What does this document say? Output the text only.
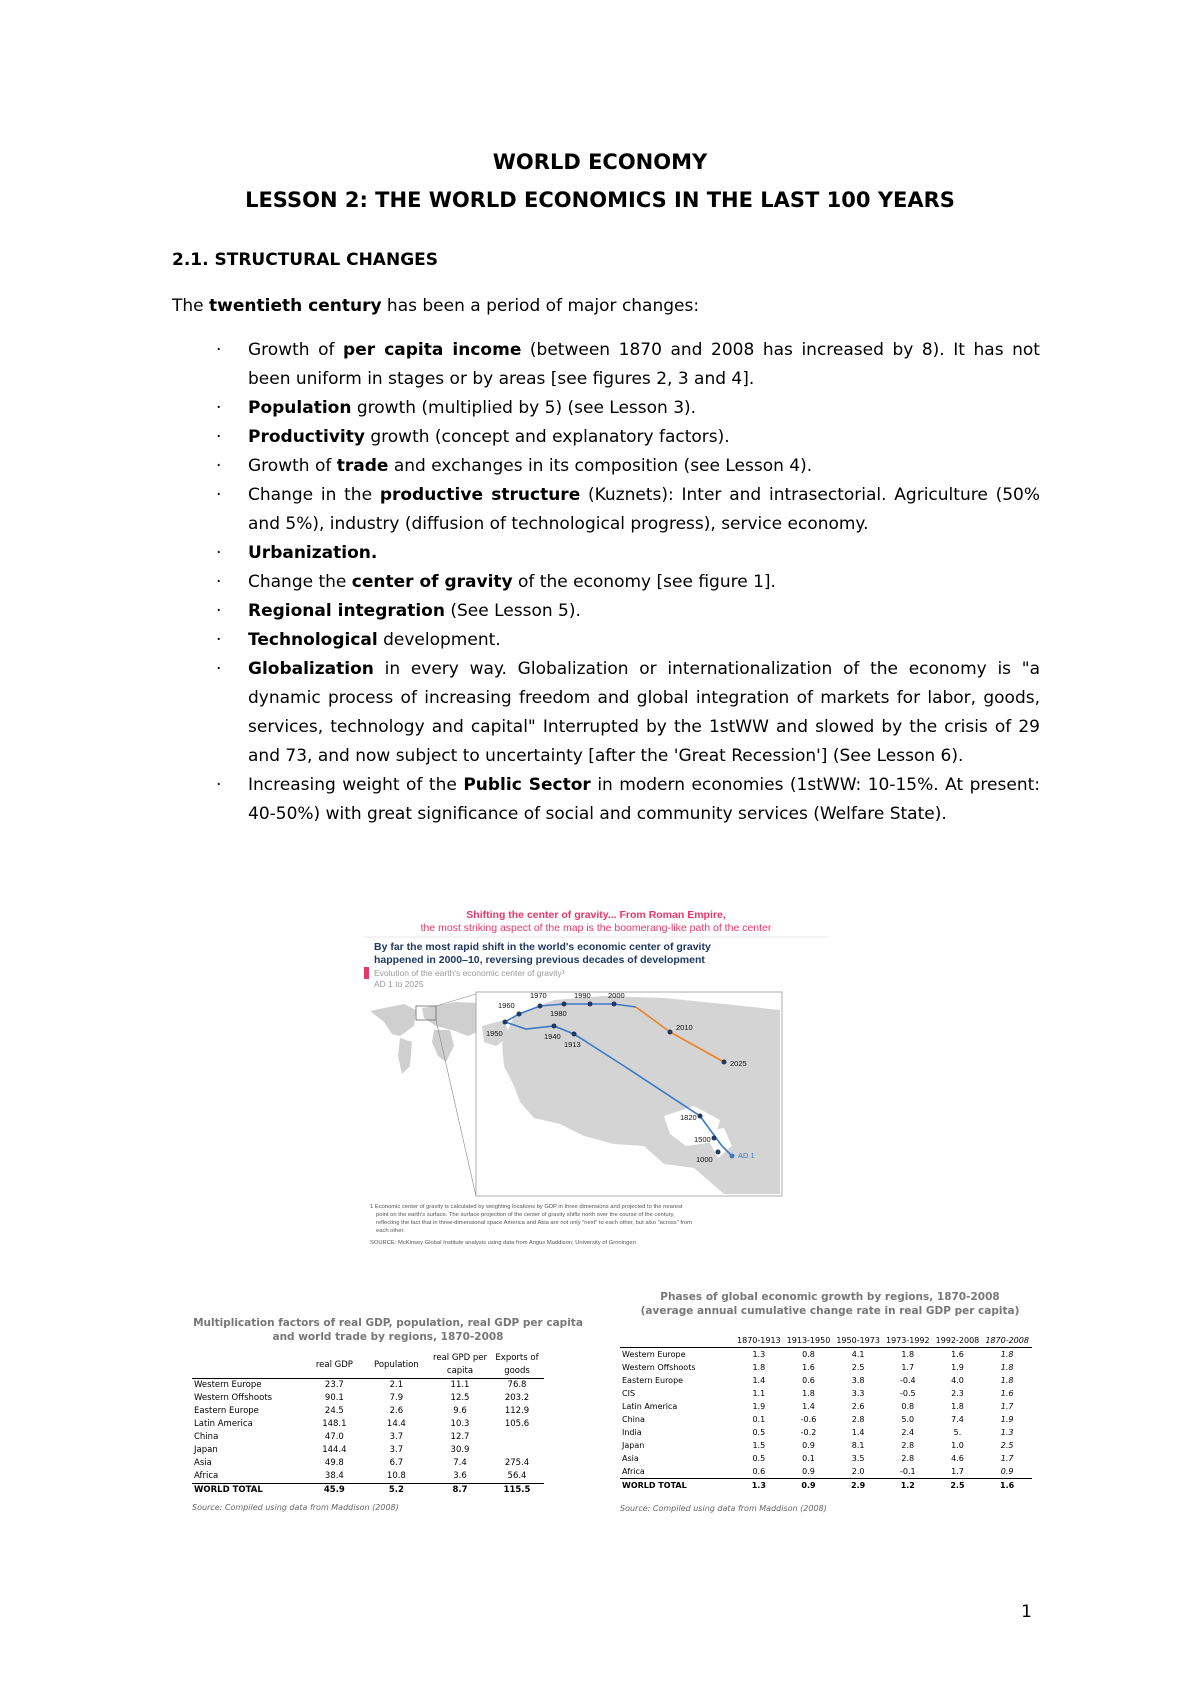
WORLD ECONOMY
LESSON 2: THE WORLD ECONOMICS IN THE LAST 100 YEARS
2.1. STRUCTURAL CHANGES
The twentieth century has been a period of major changes:
· Growth of per capita income (between 1870 and 2008 has increased by 8). It has not been uniform in stages or by areas [see figures 2, 3 and 4].
· Population growth (multiplied by 5) (see Lesson 3).
· Productivity growth (concept and explanatory factors).
· Growth of trade and exchanges in its composition (see Lesson 4).
· Change in the productive structure (Kuznets): Inter and intrasectorial. Agriculture (50% and 5%), industry (diffusion of technological progress), service economy.
· Urbanization.
· Change the center of gravity of the economy [see figure 1].
· Regional integration (See Lesson 5).
· Technological development.
· Globalization in every way. Globalization or internationalization of the economy is "a dynamic process of increasing freedom and global integration of markets for labor, goods, services, technology and capital" Interrupted by the 1stWW and slowed by the crisis of 29 and 73, and now subject to uncertainty [after the 'Great Recession'] (See Lesson 6).
· Increasing weight of the Public Sector in modern economies (1stWW: 10-15%. At present: 40-50%) with great significance of social and community services (Welfare State).
Shifting the center of gravity... From Roman Empire,
the most striking aspect of the map is the boomerang-like path of the center
By far the most rapid shift in the world's economic center of gravity
happened in 2000–10, reversing previous decades of development
Evolution of the earth's economic center of gravity¹
AD 1 to 2025
1970
1960
1980
1990 2000
1950	1940
1913
2010
2025
1820
1500
AD 1
1000
1 Economic center of gravity is calculated by weighting locations by GDP in three dimensions and projected to the nearest
point on the earth's surface. The surface projection of the center of gravity shifts north over the course of the century,
reflecting the fact that in three-dimensional space America and Asia are not only "next" to each other, but also "across" from
each other.
SOURCE: McKinsey Global Institute analysis using data from Angus Maddison; University of Groningen
Multiplication factors of real GDP, population, real GDP per capita
and world trade by regions, 1870-2008
	real GDP	Population	real GPD per capita	Exports of goods
Western Europe	23.7	2.1	11.1	76.8
Western Offshoots	90.1	7.9	12.5	203.2
Eastern Europe	24.5	2.6	9.6	112.9
Latin America	148.1	14.4	10.3	105.6
China	47.0	3.7	12.7	
Japan	144.4	3.7	30.9	
Asia	49.8	6.7	7.4	275.4
Africa	38.4	10.8	3.6	56.4
WORLD TOTAL	45.9	5.2	8.7	115.5
Source: Compiled using data from Maddison (2008)
Phases of global economic growth by regions, 1870-2008
(average annual cumulative change rate in real GDP per capita)
	1870-1913	1913-1950	1950-1973	1973-1992	1992-2008	1870-2008
Western Europe	1.3	0.8	4.1	1.8	1.6	1.8
Western Offshoots	1.8	1.6	2.5	1.7	1.9	1.8
Eastern Europe	1.4	0.6	3.8	-0.4	4.0	1.8
CIS	1.1	1.8	3.3	-0.5	2.3	1.6
Latin America	1.9	1.4	2.6	0.8	1.8	1.7
China	0.1	-0.6	2.8	5.0	7.4	1.9
India	0.5	-0.2	1.4	2.4	5.	1.3
Japan	1.5	0.9	8.1	2.8	1.0	2.5
Asia	0.5	0.1	3.5	2.8	4.6	1.7
Africa	0.6	0.9	2.0	-0.1	1.7	0.9
WORLD TOTAL	1.3	0.9	2.9	1.2	2.5	1.6
Source: Compiled using data from Maddison (2008)
1
